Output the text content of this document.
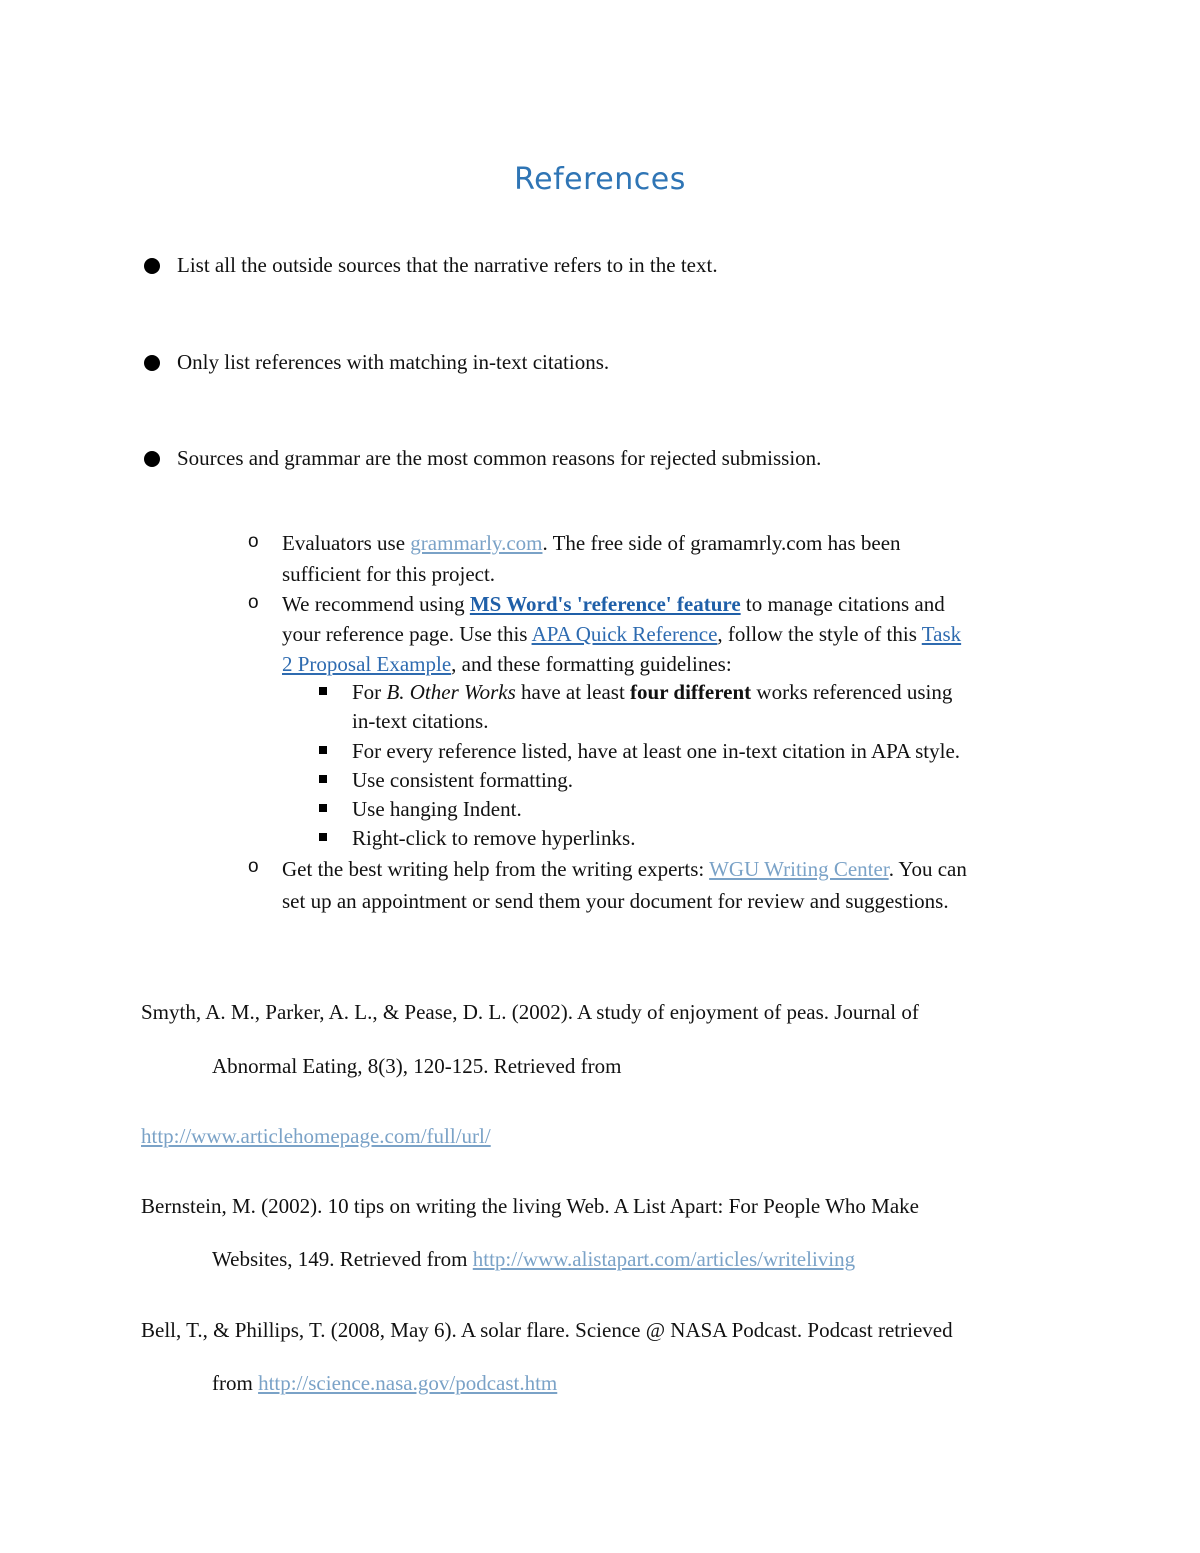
References
List all the outside sources that the narrative refers to in the text.
Only list references with matching in-text citations.
Sources and grammar are the most common reasons for rejected submission.
o Evaluators use grammarly.com. The free side of gramamrly.com has been
sufficient for this project.
o We recommend using MS Word's 'reference' feature to manage citations and
your reference page. Use this APA Quick Reference, follow the style of this Task
2 Proposal Example, and these formatting guidelines:
For B. Other Works have at least four different works referenced using
in-text citations.
For every reference listed, have at least one in-text citation in APA style.
Use consistent formatting.
Use hanging Indent.
Right-click to remove hyperlinks.
o Get the best writing help from the writing experts: WGU Writing Center. You can
set up an appointment or send them your document for review and suggestions.
Smyth, A. M., Parker, A. L., & Pease, D. L. (2002). A study of enjoyment of peas. Journal of
Abnormal Eating, 8(3), 120-125. Retrieved from
http://www.articlehomepage.com/full/url/
Bernstein, M. (2002). 10 tips on writing the living Web. A List Apart: For People Who Make
Websites, 149. Retrieved from http://www.alistapart.com/articles/writeliving
Bell, T., & Phillips, T. (2008, May 6). A solar flare. Science @ NASA Podcast. Podcast retrieved
from http://science.nasa.gov/podcast.htm
